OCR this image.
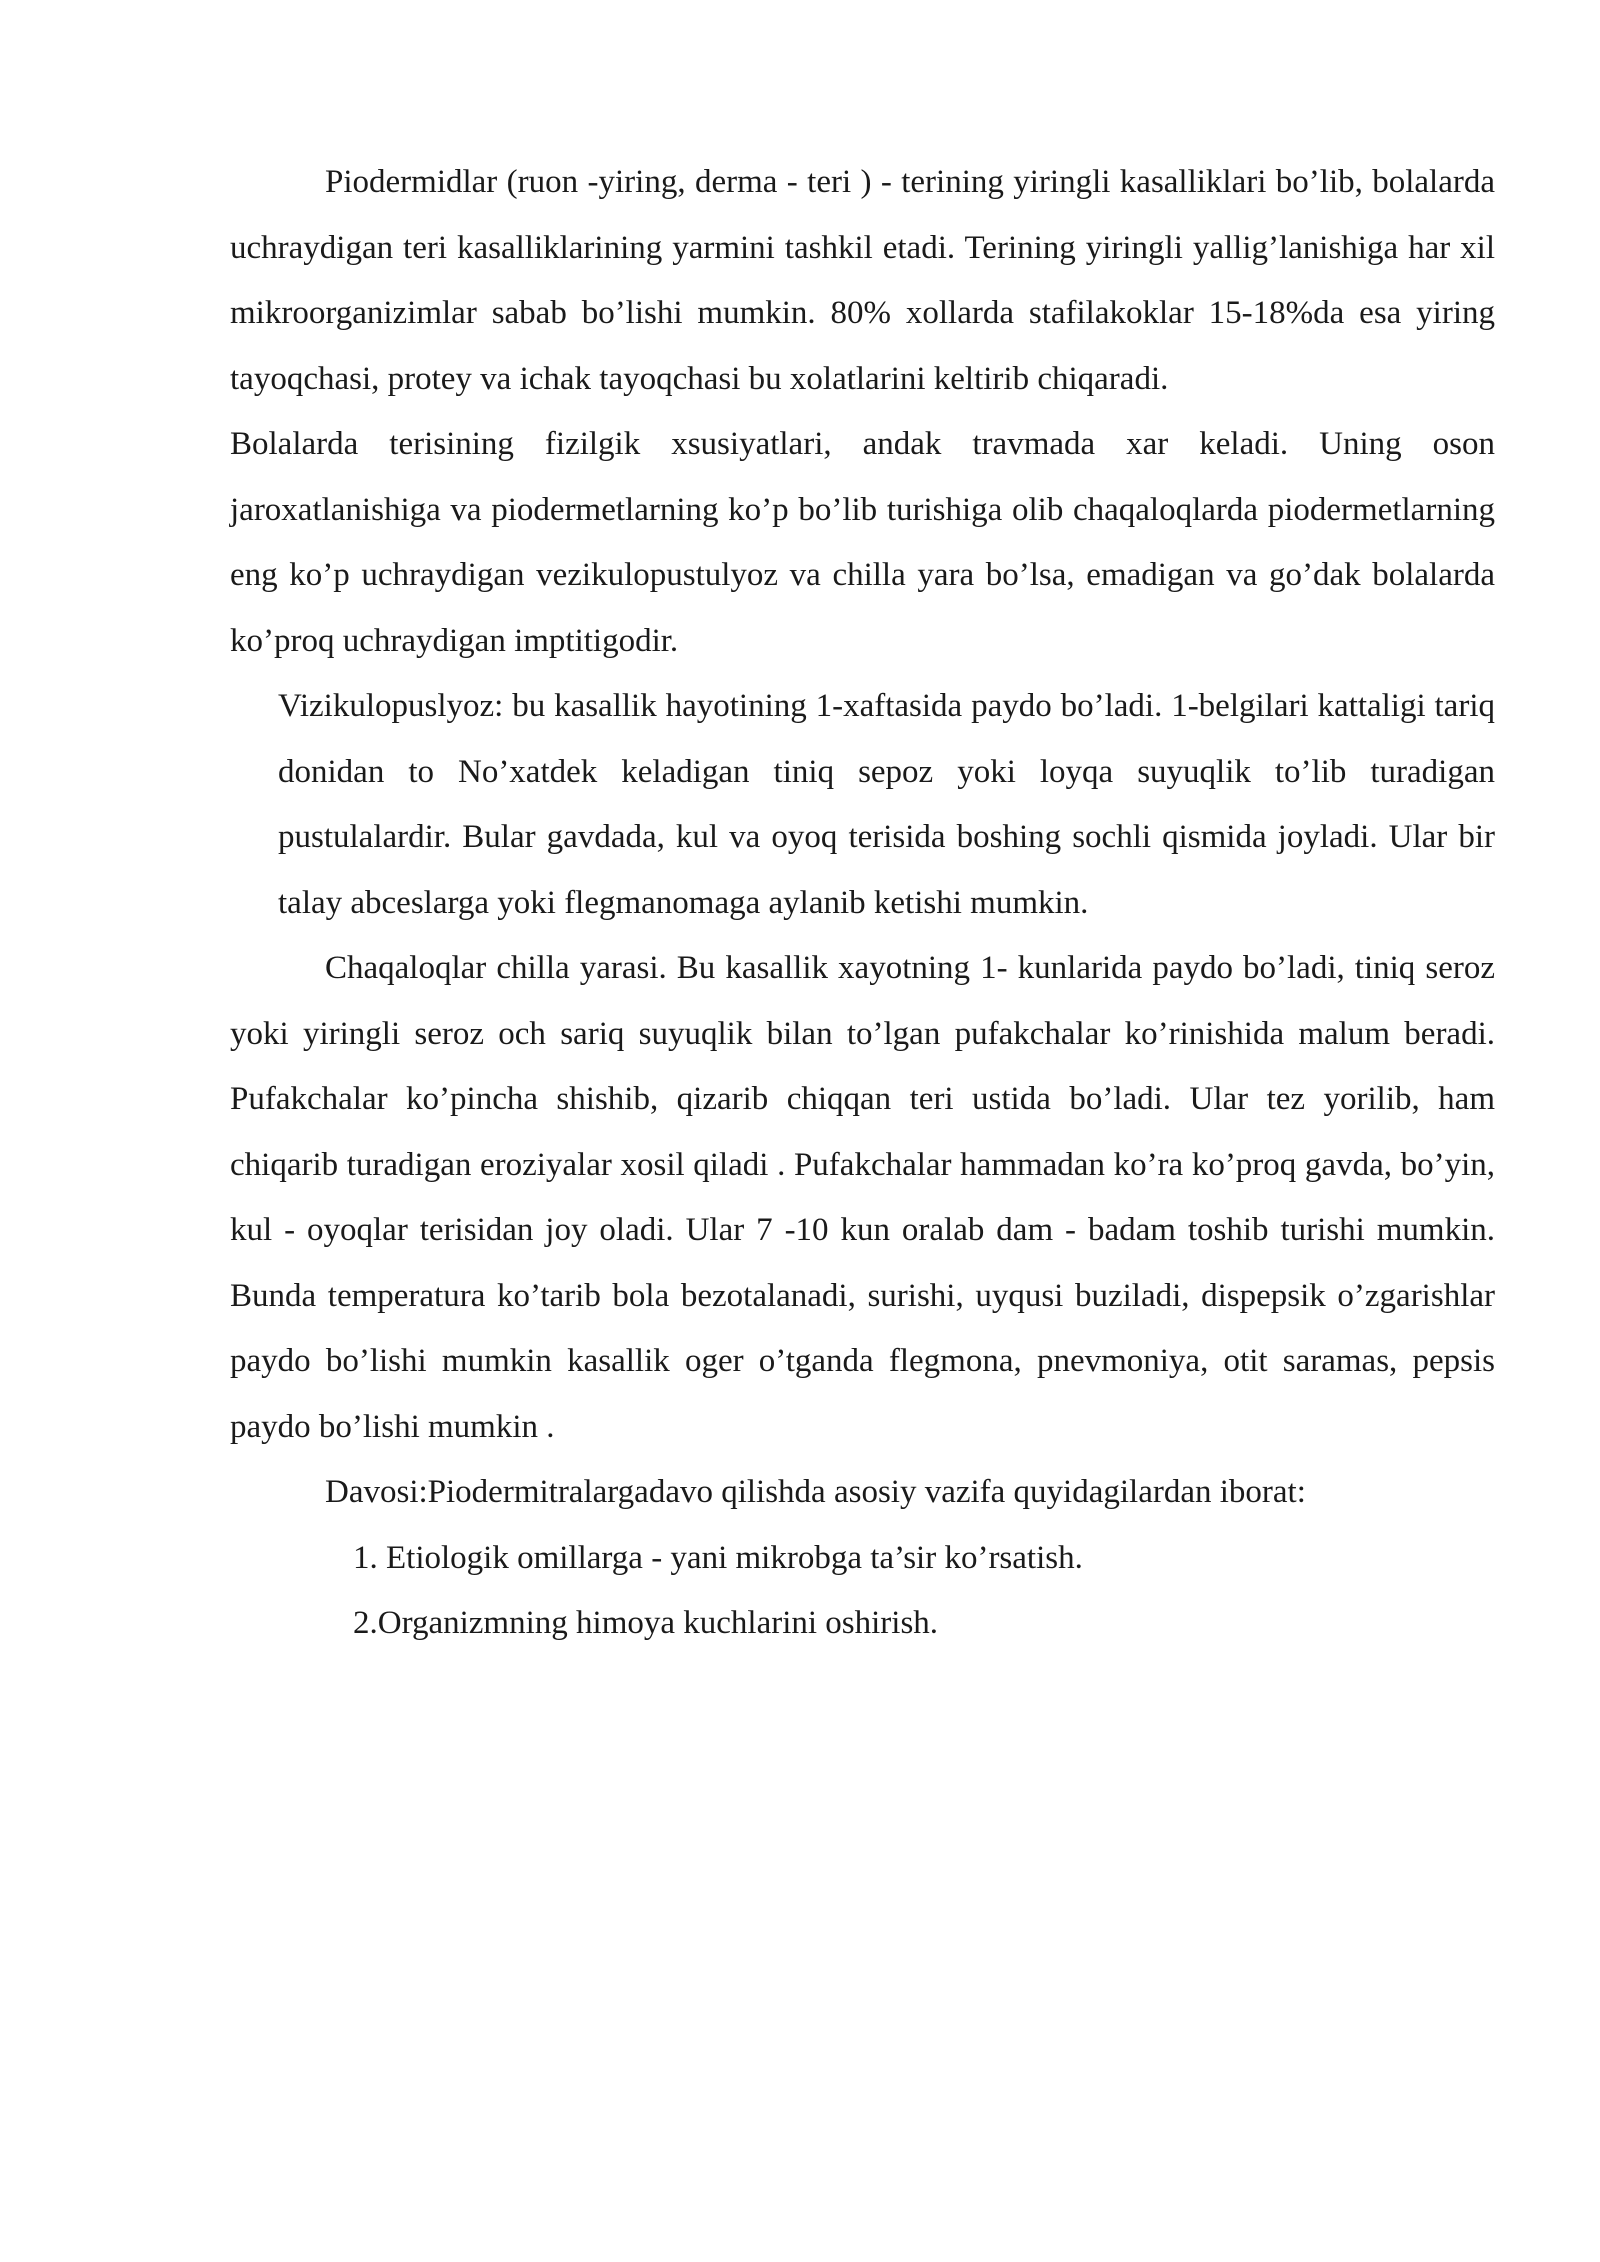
Piodermidlar (ruon -yiring, derma - teri ) - terining yiringli kasalliklari bo’lib, bolalarda uchraydigan teri kasalliklarining yarmini tashkil etadi. Terining yiringli yallig’lanishiga har xil mikroorganizimlar sabab bo’lishi mumkin. 80% xollarda stafilakoklar 15-18%da esa yiring tayoqchasi, protey va ichak tayoqchasi bu xolatlarini keltirib chiqaradi.

Bolalarda terisining fizilgik xsusiyatlari, andak travmada xar keladi. Uning oson jaroxatlanishiga va piodermetlarning ko’p bo’lib turishiga olib chaqaloqlarda piodermetlarning eng ko’p uchraydigan vezikulopustulyoz va chilla yara bo’lsa, emadigan va go’dak bolalarda ko’proq uchraydigan imptitigodir.

Vizikulopuslyoz: bu kasallik hayotining 1-xaftasida paydo bo’ladi. 1-belgilari kattaligi tariq donidan to No’xatdek keladigan tiniq sepoz yoki loyqa suyuqlik to’lib turadigan pustulalardir. Bular gavdada, kul va oyoq terisida boshing sochli qismida joyladi. Ular bir talay abceslarga yoki flegmanomaga aylanib ketishi mumkin.

Chaqaloqlar chilla yarasi. Bu kasallik xayotning 1- kunlarida paydo bo’ladi, tiniq seroz yoki yiringli seroz och sariq suyuqlik bilan to’lgan pufakchalar ko’rinishida malum beradi. Pufakchalar ko’pincha shishib, qizarib chiqqan teri ustida bo’ladi. Ular tez yorilib, ham chiqarib turadigan eroziyalar xosil qiladi . Pufakchalar hammadan ko’ra ko’proq gavda, bo’yin, kul - oyoqlar terisidan joy oladi. Ular 7 -10 kun oralab dam - badam toshib turishi mumkin. Bunda temperatura ko’tarib bola bezotalanadi, surishi, uyqusi buziladi, dispepsik o’zgarishlar paydo bo’lishi mumkin kasallik oger o’tganda flegmona, pnevmoniya, otit saramas, pepsis paydo bo’lishi mumkin .

Davosi:Piodermitralargadavo qilishda asosiy vazifa quyidagilardan iborat:

1. Etiologik omillarga - yani mikrobga ta’sir ko’rsatish.

2.Organizmning himoya kuchlarini oshirish.
